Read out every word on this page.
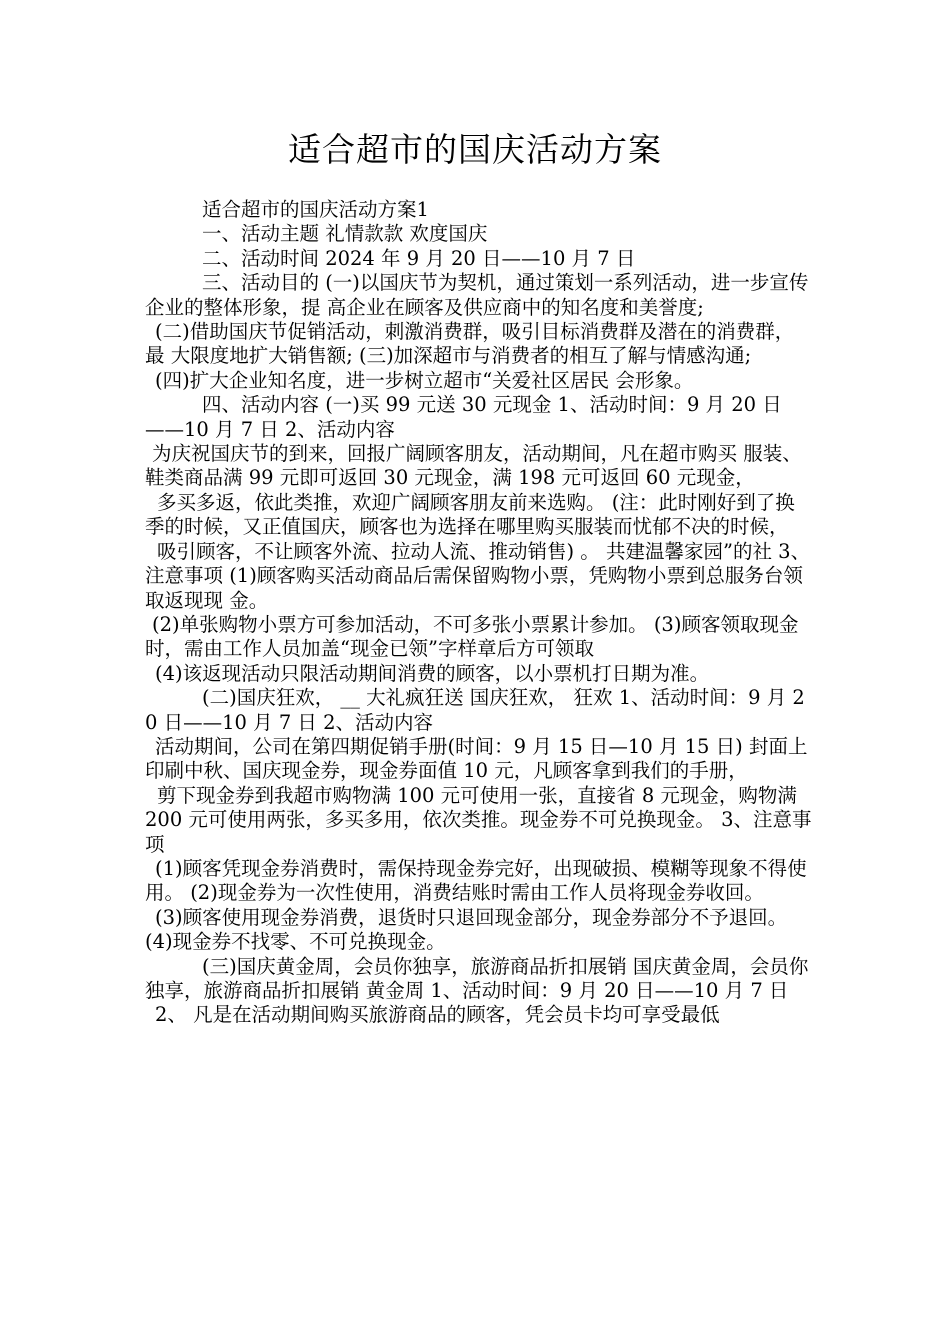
适合超市的国庆活动方案

适合超市的国庆活动方案1

一、活动主题 礼情款款 欢度国庆

二、活动时间 2024 年 9 月 20 日——10 月 7 日

三、活动目的 (一)以国庆节为契机，通过策划一系列活动，进一步宣传企业的整体形象，提 高企业在顾客及供应商中的知名度和美誉度;

(二)借助国庆节促销活动，刺激消费群，吸引目标消费群及潜在的消费群，最 大限度地扩大销售额; (三)加深超市与消费者的相互了解与情感沟通;

(四)扩大企业知名度，进一步树立超市“关爱社区居民 会形象。

四、活动内容 (一)买 99 元送 30 元现金 1、活动时间：9 月 20 日——10 月 7 日 2、活动内容

为庆祝国庆节的到来，回报广阔顾客朋友，活动期间，凡在超市购买 服装、鞋类商品满 99 元即可返回 30 元现金，满 198 元可返回 60 元现金，

多买多返，依此类推，欢迎广阔顾客朋友前来选购。 (注：此时刚好到了换 季的时候，又正值国庆，顾客也为选择在哪里购买服装而忧郁不决的时候，

吸引顾客，不让顾客外流、拉动人流、推动销售) 。 共建温馨家园”的社 3、注意事项 (1)顾客购买活动商品后需保留购物小票，凭购物小票到总服务台领取返现现 金。

(2)单张购物小票方可参加活动，不可多张小票累计参加。 (3)顾客领取现金时，需由工作人员加盖“现金已领”字样章后方可领取

(4)该返现活动只限活动期间消费的顾客，以小票机打日期为准。

(二)国庆狂欢， __ 大礼疯狂送 国庆狂欢， 狂欢 1、活动时间：9 月 20 日——10 月 7 日 2、活动内容

活动期间，公司在第四期促销手册(时间：9 月 15 日—10 月 15 日) 封面上印刷中秋、国庆现金券，现金券面值 10 元，凡顾客拿到我们的手册，

剪下现金券到我超市购物满 100 元可使用一张，直接省 8 元现金，购物满 200 元可使用两张，多买多用，依次类推。现金券不可兑换现金。 3、注意事项

(1)顾客凭现金券消费时，需保持现金券完好，出现破损、模糊等现象不得使 用。 (2)现金券为一次性使用，消费结账时需由工作人员将现金券收回。

(3)顾客使用现金券消费，退货时只退回现金部分，现金券部分不予退回。 (4)现金券不找零、不可兑换现金。

(三)国庆黄金周，会员你独享，旅游商品折扣展销 国庆黄金周，会员你独享，旅游商品折扣展销 黄金周 1、活动时间：9 月 20 日——10 月 7 日

2、 凡是在活动期间购买旅游商品的顾客，凭会员卡均可享受最低
